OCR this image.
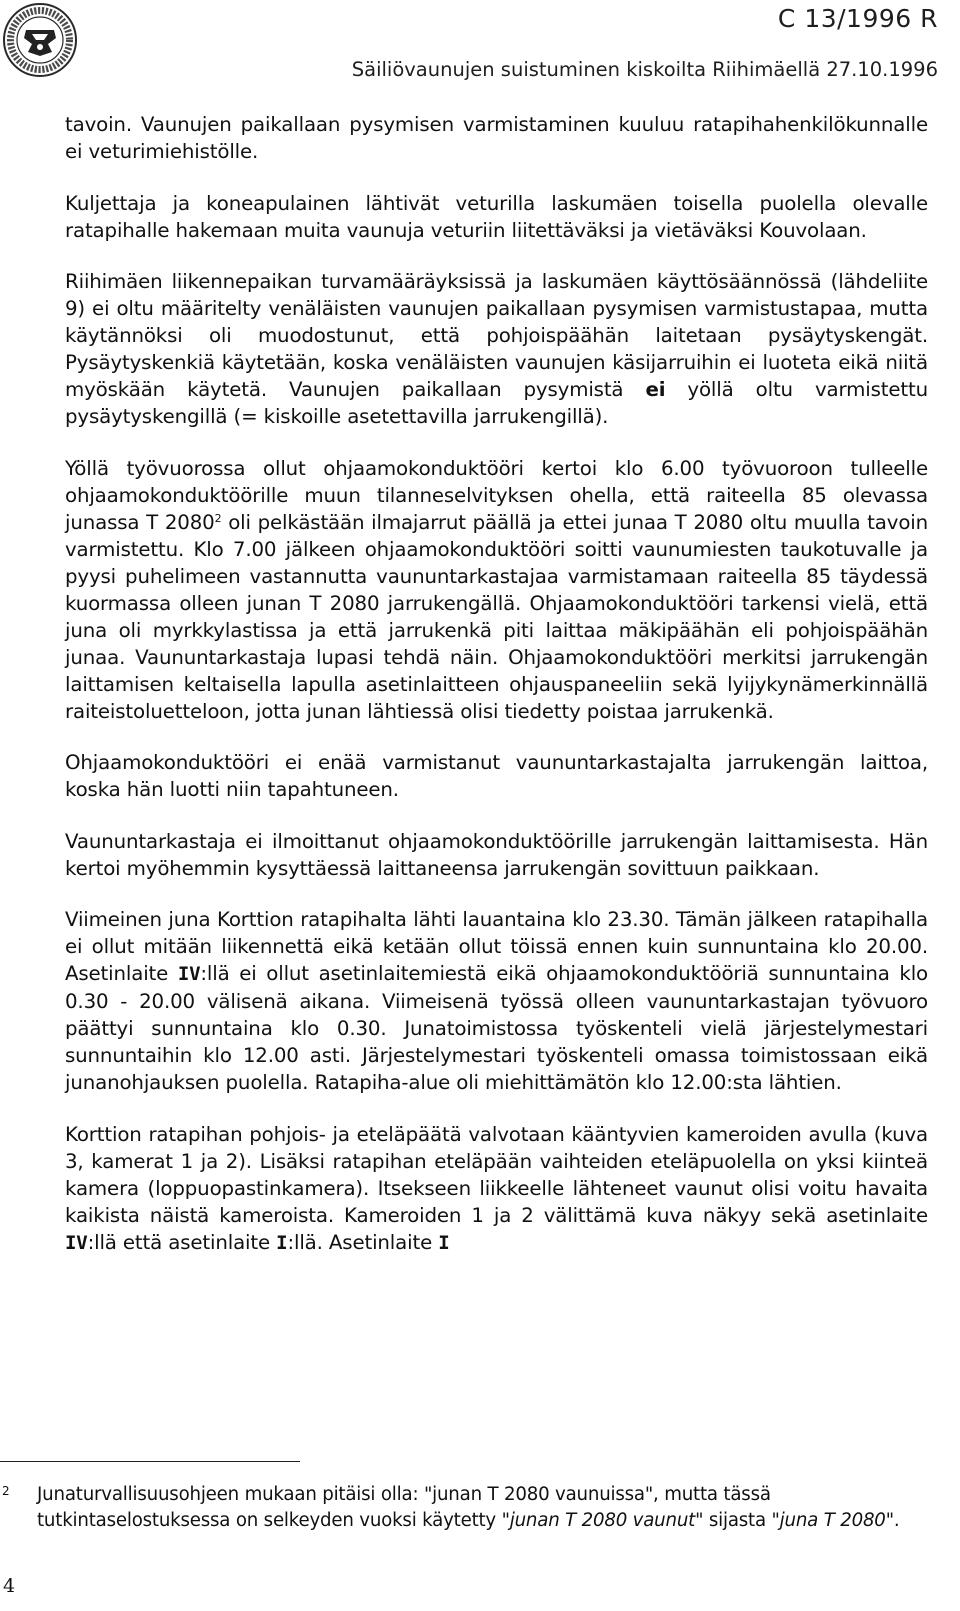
C 13/1996 R
Säiliövaunujen suistuminen kiskoilta Riihimäellä 27.10.1996

tavoin. Vaunujen paikallaan pysymisen varmistaminen kuuluu ratapihahenkilökunnalle ei veturimiehistölle.

Kuljettaja ja koneapulainen lähtivät veturilla laskumäen toisella puolella olevalle ratapihalle hakemaan muita vaunuja veturiin liitettäväksi ja vietäväksi Kouvolaan.

Riihimäen liikennepaikan turvamääräyksissä ja laskumäen käyttösäännössä (lähdeliite 9) ei oltu määritelty venäläisten vaunujen paikallaan pysymisen varmistustapaa, mutta käytännöksi oli muodostunut, että pohjoispäähän laitetaan pysäytyskengät. Pysäytyskenkiä käytetään, koska venäläisten vaunujen käsijarruihin ei luoteta eikä niitä myöskään käytetä. Vaunujen paikallaan pysymistä ei yöllä oltu varmistettu pysäytyskengillä (= kiskoille asetettavilla jarrukengillä).

Yöllä työvuorossa ollut ohjaamokonduktööri kertoi klo 6.00 työvuoroon tulleelle ohjaamokonduktöörille muun tilanneselvityksen ohella, että raiteella 85 olevassa junassa T 2080$^2$ oli pelkästään ilmajarrut päällä ja ettei junaa T 2080 oltu muulla tavoin varmistettu. Klo 7.00 jälkeen ohjaamokonduktööri soitti vaunumiesten taukotuvalle ja pyysi puhelimeen vastannutta vaununtarkastajaa varmistamaan raiteella 85 täydessä kuormassa olleen junan T 2080 jarrukengällä. Ohjaamokonduktööri tarkensi vielä, että juna oli myrkkylastissa ja että jarrukenkä piti laittaa mäkipäähän eli pohjoispäähän junaa. Vaununtarkastaja lupasi tehdä näin. Ohjaamokonduktööri merkitsi jarrukengän laittamisen keltaisella lapulla asetinlaitteen ohjauspaneeliin sekä lyijykynämerkinnällä raiteistoluetteloon, jotta junan lähtiessä olisi tiedetty poistaa jarrukenkä.

Ohjaamokonduktööri ei enää varmistanut vaununtarkastajalta jarrukengän laittoa, koska hän luotti niin tapahtuneen.

Vaununtarkastaja ei ilmoittanut ohjaamokonduktöörille jarrukengän laittamisesta. Hän kertoi myöhemmin kysyttäessä laittaneensa jarrukengän sovittuun paikkaan.

Viimeinen juna Korttion ratapihalta lähti lauantaina klo 23.30. Tämän jälkeen ratapihalla ei ollut mitään liikennettä eikä ketään ollut töissä ennen kuin sunnuntaina klo 20.00. Asetinlaite IV:llä ei ollut asetinlaitemiestä eikä ohjaamokonduktööriä sunnuntaina klo 0.30 - 20.00 välisenä aikana. Viimeisenä työssä olleen vaununtarkastajan työvuoro päättyi sunnuntaina klo 0.30. Junatoimistossa työskenteli vielä järjestelymestari sunnuntaihin klo 12.00 asti. Järjestelymestari työskenteli omassa toimistossaan eikä junanohjauksen puolella. Ratapiha-alue oli miehittämätön klo 12.00:sta lähtien.

Korttion ratapihan pohjois- ja eteläpäätä valvotaan kääntyvien kameroiden avulla (kuva 3, kamerat 1 ja 2). Lisäksi ratapihan eteläpään vaihteiden eteläpuolella on yksi kiinteä kamera (loppuopastinkamera). Itsekseen liikkeelle lähteneet vaunut olisi voitu havaita kaikista näistä kameroista. Kameroiden 1 ja 2 välittämä kuva näkyy sekä asetinlaite IV:llä että asetinlaite I:llä. Asetinlaite I

2 Junaturvallisuusohjeen mukaan pitäisi olla: "junan T 2080 vaunuissa", mutta tässä tutkintaselostuksessa on selkeyden vuoksi käytetty "junan T 2080 vaunut" sijasta "juna T 2080".
4
